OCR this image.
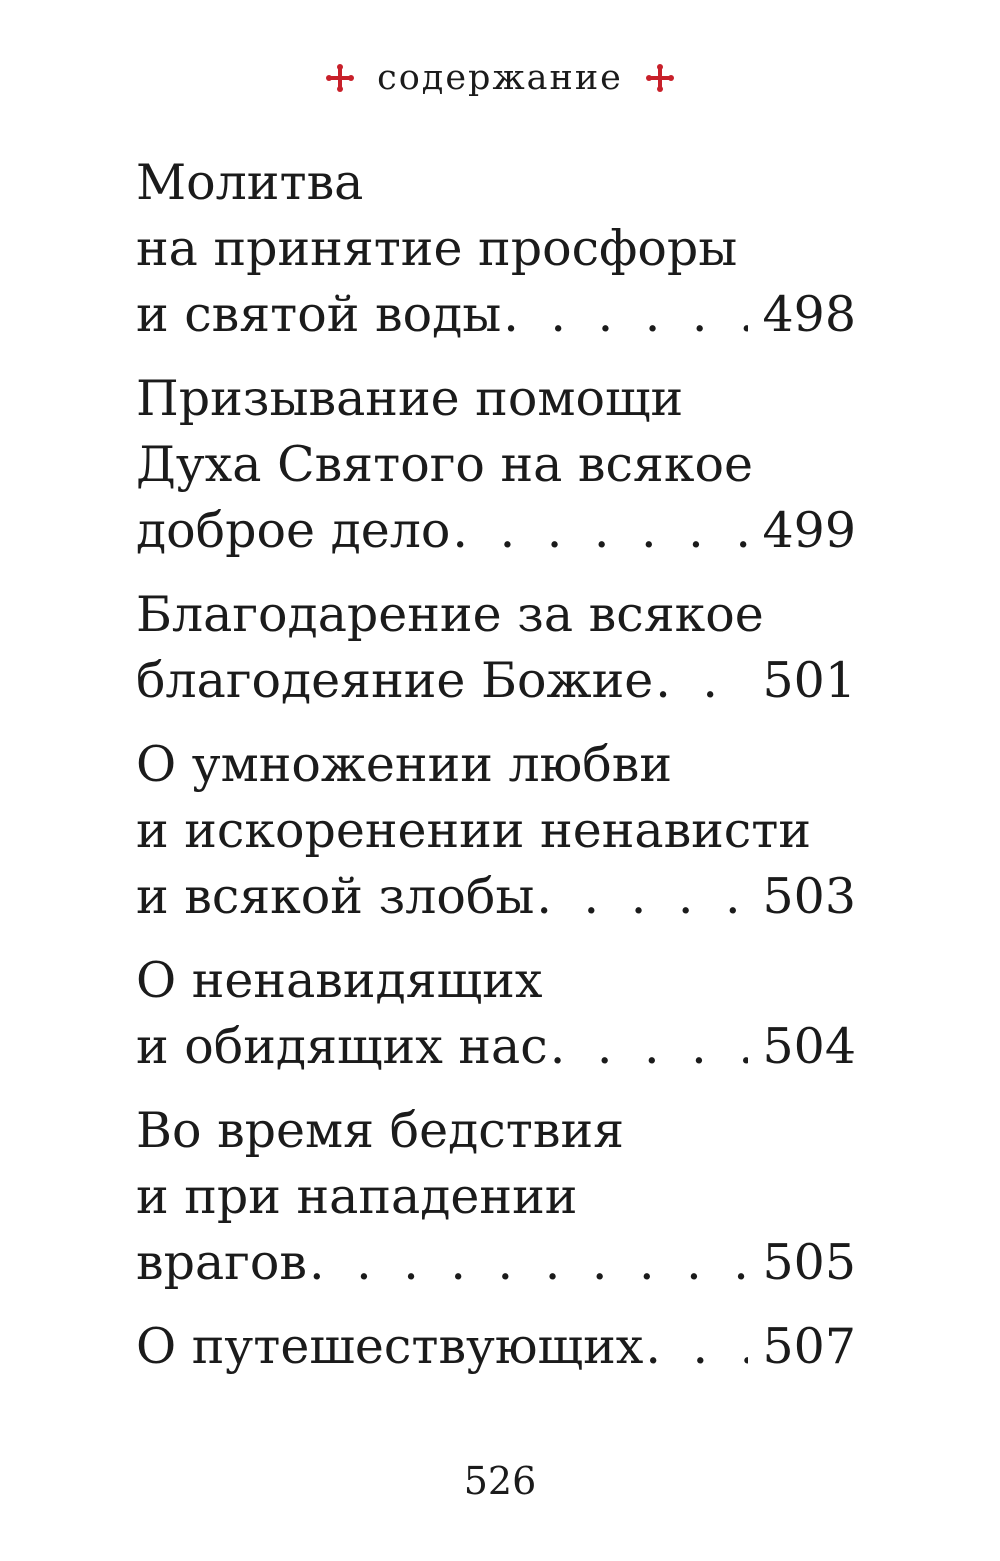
содержание
Молитва
на принятие просфоры
и святой воды . . .	498
Призывание помощи
Духа Святого на всякое
доброе дело . . .	499
Благодарение за всякое
благодеяние Божие . . . 501
О умножении любви
и искоренении ненависти
и всякой злобы . . .	503
О ненавидящих
и обидящих нас . . .	504
Во время бедствия
и при нападении
врагов . . .	505
О путешествующих . . . 507
526
